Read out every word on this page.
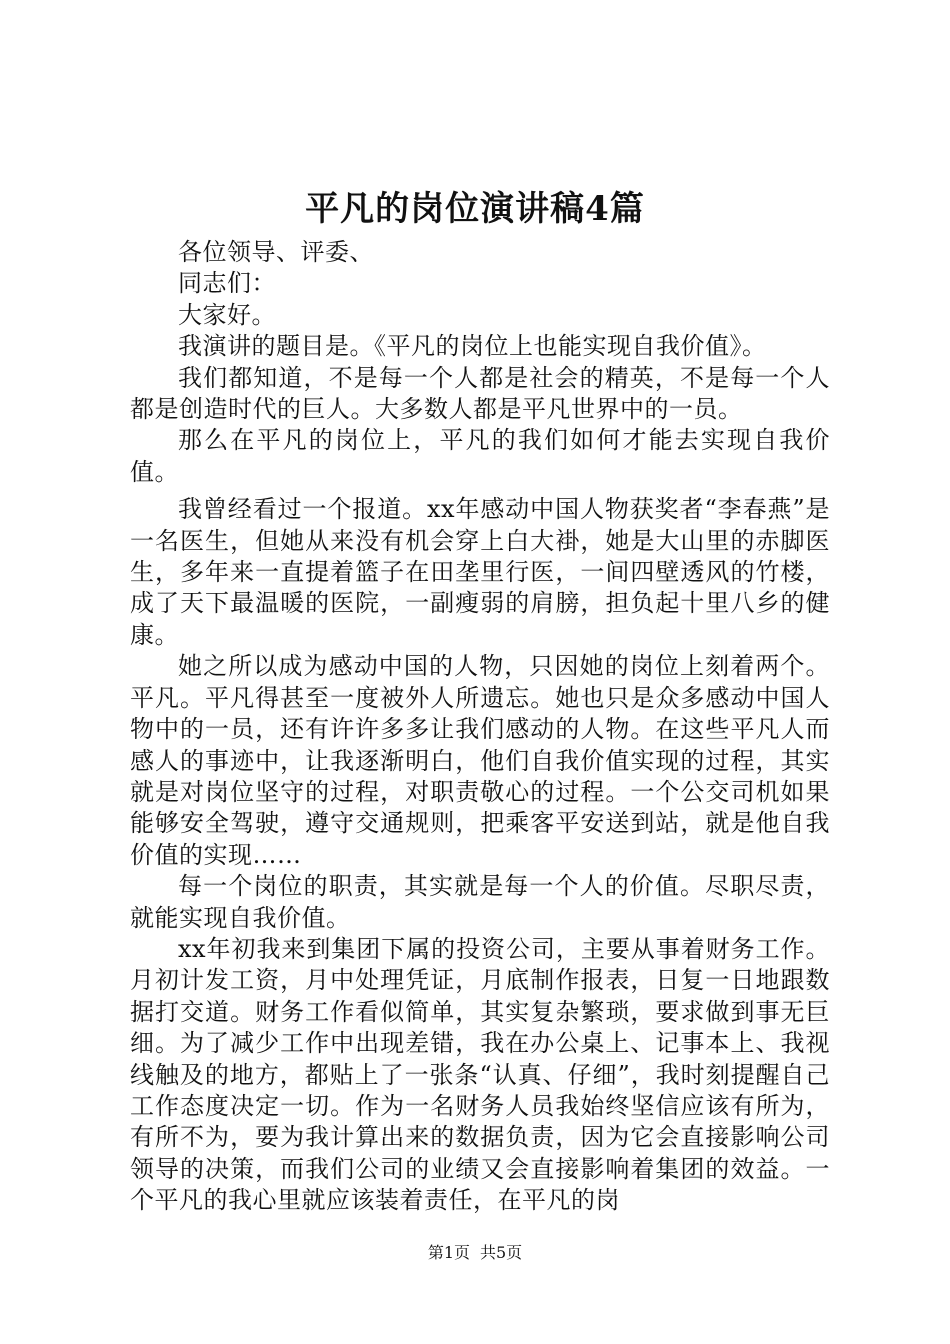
平凡的岗位演讲稿4篇

各位领导、评委、

同志们：

大家好。

我演讲的题目是。《平凡的岗位上也能实现自我价值》。

我们都知道，不是每一个人都是社会的精英，不是每一个人都是创造时代的巨人。大多数人都是平凡世界中的一员。

那么在平凡的岗位上，平凡的我们如何才能去实现自我价值。

我曾经看过一个报道。xx年感动中国人物获奖者“李春燕”是一名医生，但她从来没有机会穿上白大褂，她是大山里的赤脚医生，多年来一直提着篮子在田垄里行医，一间四壁透风的竹楼，成了天下最温暖的医院，一副瘦弱的肩膀，担负起十里八乡的健康。

她之所以成为感动中国的人物，只因她的岗位上刻着两个。平凡。平凡得甚至一度被外人所遗忘。她也只是众多感动中国人物中的一员，还有许许多多让我们感动的人物。在这些平凡人而感人的事迹中，让我逐渐明白，他们自我价值实现的过程，其实就是对岗位坚守的过程，对职责敬心的过程。一个公交司机如果能够安全驾驶，遵守交通规则，把乘客平安送到站，就是他自我价值的实现……

每一个岗位的职责，其实就是每一个人的价值。尽职尽责，就能实现自我价值。

xx年初我来到集团下属的投资公司，主要从事着财务工作。月初计发工资，月中处理凭证，月底制作报表，日复一日地跟数据打交道。财务工作看似简单，其实复杂繁琐，要求做到事无巨细。为了减少工作中出现差错，我在办公桌上、记事本上、我视线触及的地方，都贴上了一张条“认真、仔细”，我时刻提醒自己工作态度决定一切。作为一名财务人员我始终坚信应该有所为，有所不为，要为我计算出来的数据负责，因为它会直接影响公司领导的决策，而我们公司的业绩又会直接影响着集团的效益。一个平凡的我心里就应该装着责任，在平凡的岗

第1页 共5页
